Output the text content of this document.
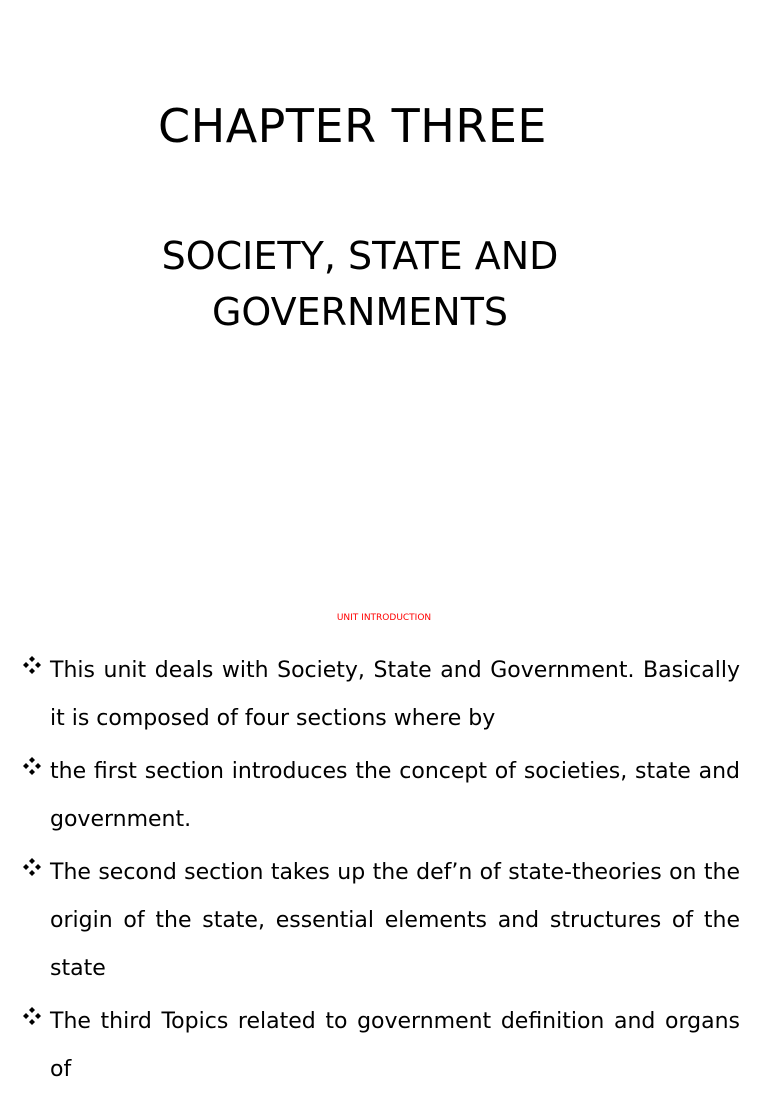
CHAPTER THREE
SOCIETY, STATE AND
GOVERNMENTS
UNIT INTRODUCTION
This unit deals with Society, State and Government. Basically it is composed of four sections where by
the first section introduces the concept of societies, state and government.
The second section takes up the def’n of state-theories on the origin of the state, essential elements and structures of the state
The third Topics related to government definition and organs of
